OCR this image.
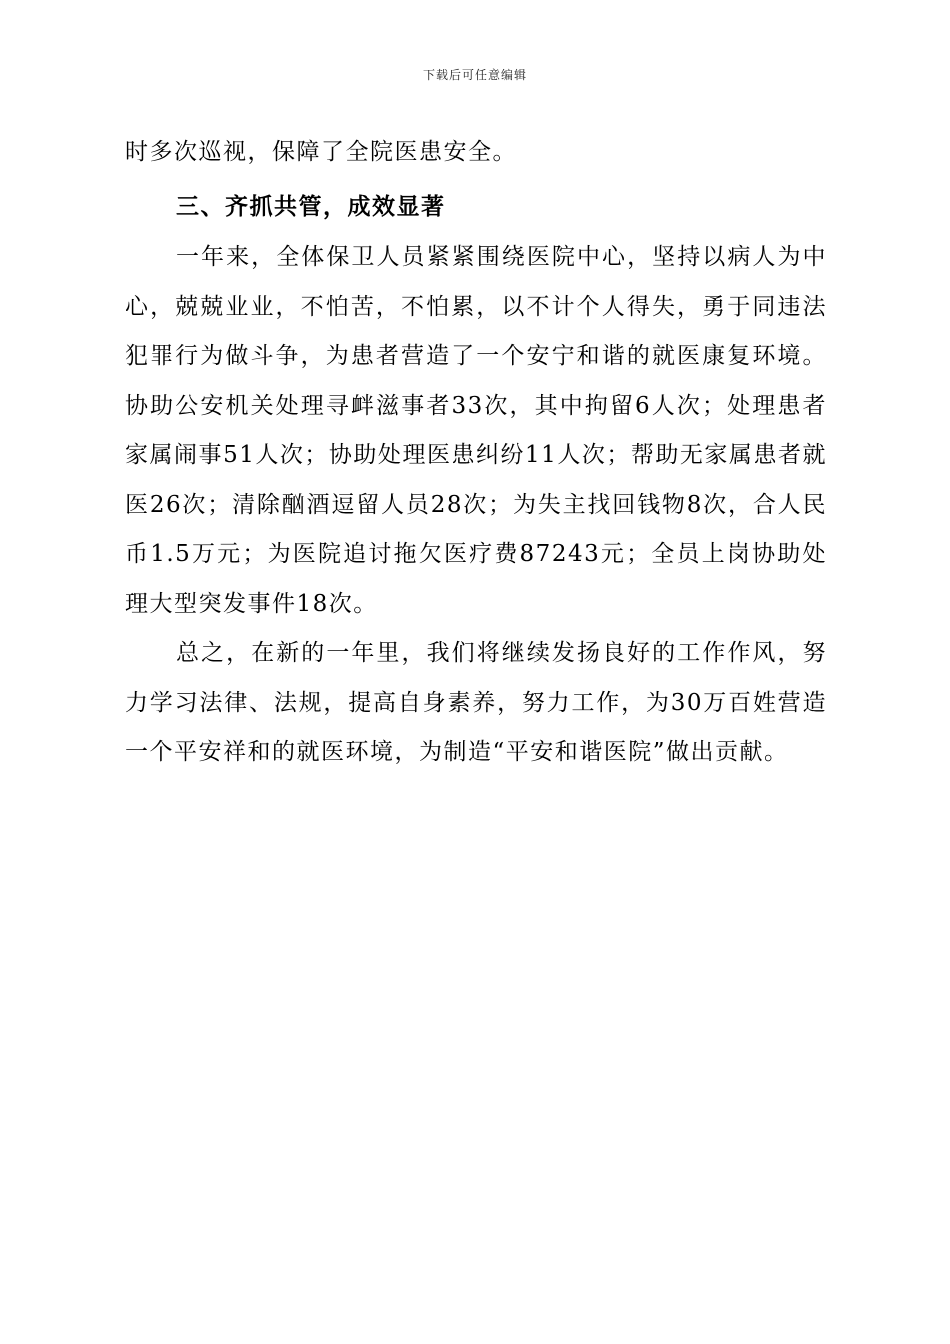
下载后可任意编辑

时多次巡视，保障了全院医患安全。

三、齐抓共管，成效显著

一年来，全体保卫人员紧紧围绕医院中心，坚持以病人为中心，兢兢业业，不怕苦，不怕累，以不计个人得失，勇于同违法犯罪行为做斗争，为患者营造了一个安宁和谐的就医康复环境。协助公安机关处理寻衅滋事者33次，其中拘留6人次；处理患者家属闹事51人次；协助处理医患纠纷11人次；帮助无家属患者就医26次；清除酗酒逗留人员28次；为失主找回钱物8次，合人民币1.5万元；为医院追讨拖欠医疗费87243元；全员上岗协助处理大型突发事件18次。

总之，在新的一年里，我们将继续发扬良好的工作作风，努力学习法律、法规，提高自身素养，努力工作，为30万百姓营造一个平安祥和的就医环境，为制造“平安和谐医院”做出贡献。
